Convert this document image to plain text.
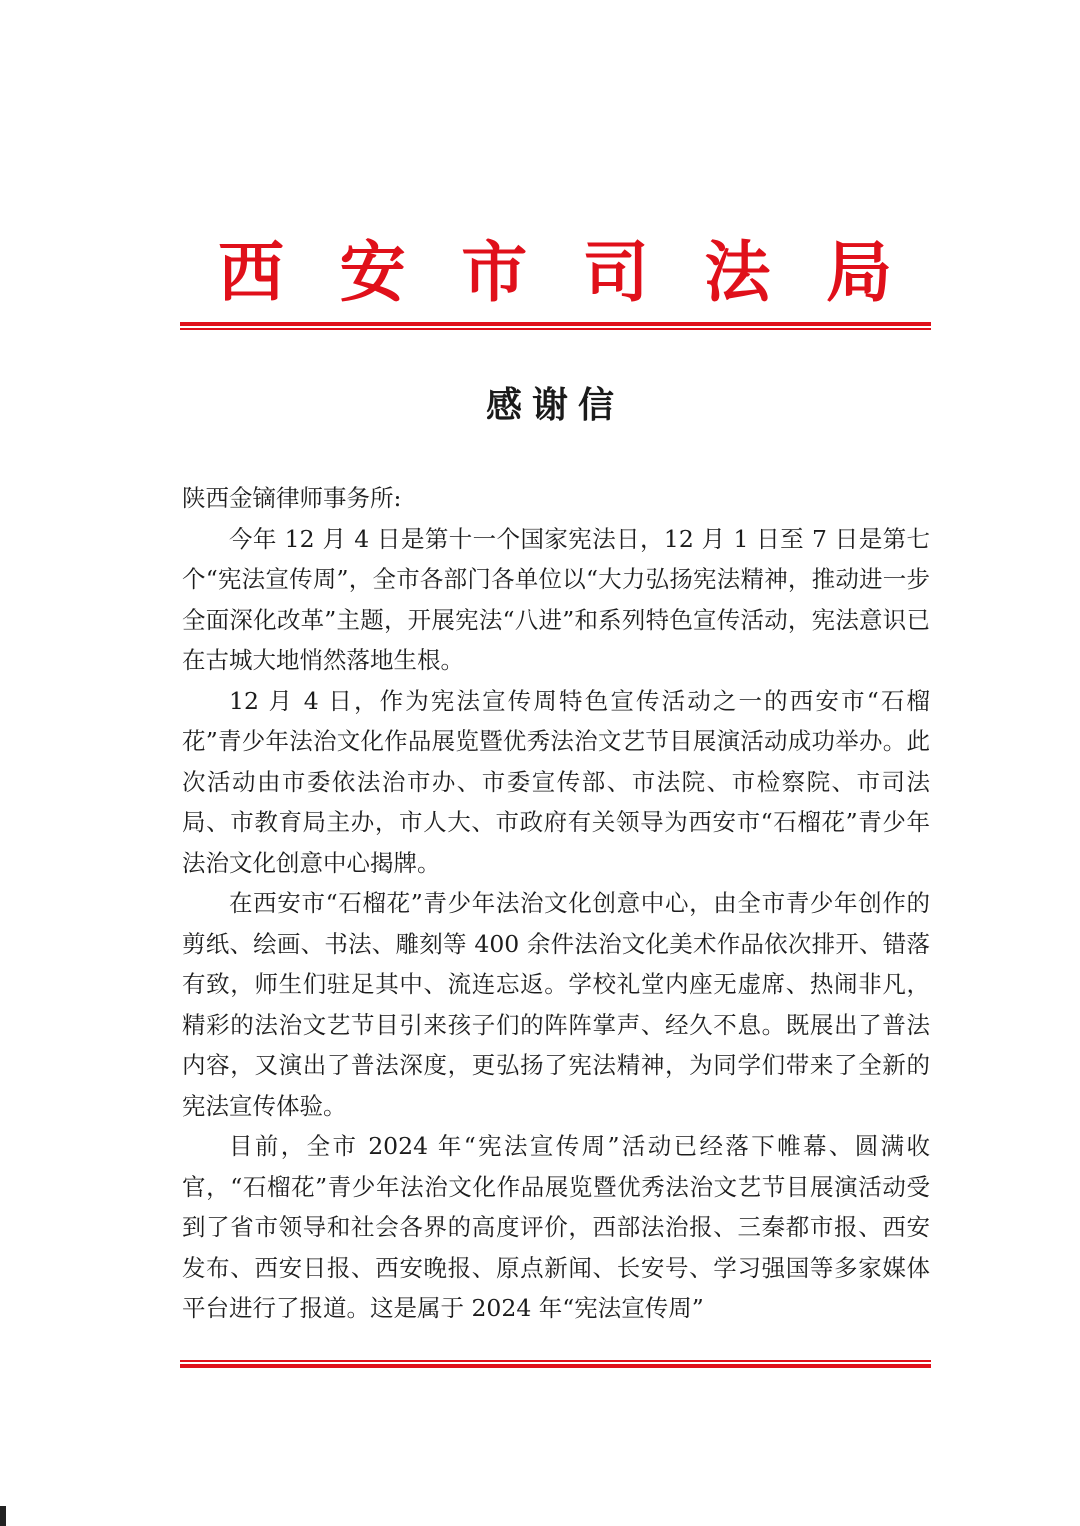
西 安 市 司 法 局
感谢信

陕西金镝律师事务所:

今年 12 月 4 日是第十一个国家宪法日，12 月 1 日至 7 日是第七个“宪法宣传周”，全市各部门各单位以“大力弘扬宪法精神，推动进一步全面深化改革”主题，开展宪法“八进”和系列特色宣传活动，宪法意识已在古城大地悄然落地生根。

12 月 4 日，作为宪法宣传周特色宣传活动之一的西安市“石榴花”青少年法治文化作品展览暨优秀法治文艺节目展演活动成功举办。此次活动由市委依法治市办、市委宣传部、市法院、市检察院、市司法局、市教育局主办，市人大、市政府有关领导为西安市“石榴花”青少年法治文化创意中心揭牌。

在西安市“石榴花”青少年法治文化创意中心，由全市青少年创作的剪纸、绘画、书法、雕刻等 400 余件法治文化美术作品依次排开、错落有致，师生们驻足其中、流连忘返。学校礼堂内座无虚席、热闹非凡，精彩的法治文艺节目引来孩子们的阵阵掌声、经久不息。既展出了普法内容，又演出了普法深度，更弘扬了宪法精神，为同学们带来了全新的宪法宣传体验。

目前，全市 2024 年“宪法宣传周”活动已经落下帷幕、圆满收官，“石榴花”青少年法治文化作品展览暨优秀法治文艺节目展演活动受到了省市领导和社会各界的高度评价，西部法治报、三秦都市报、西安发布、西安日报、西安晚报、原点新闻、长安号、学习强国等多家媒体平台进行了报道。这是属于 2024 年“宪法宣传周”
